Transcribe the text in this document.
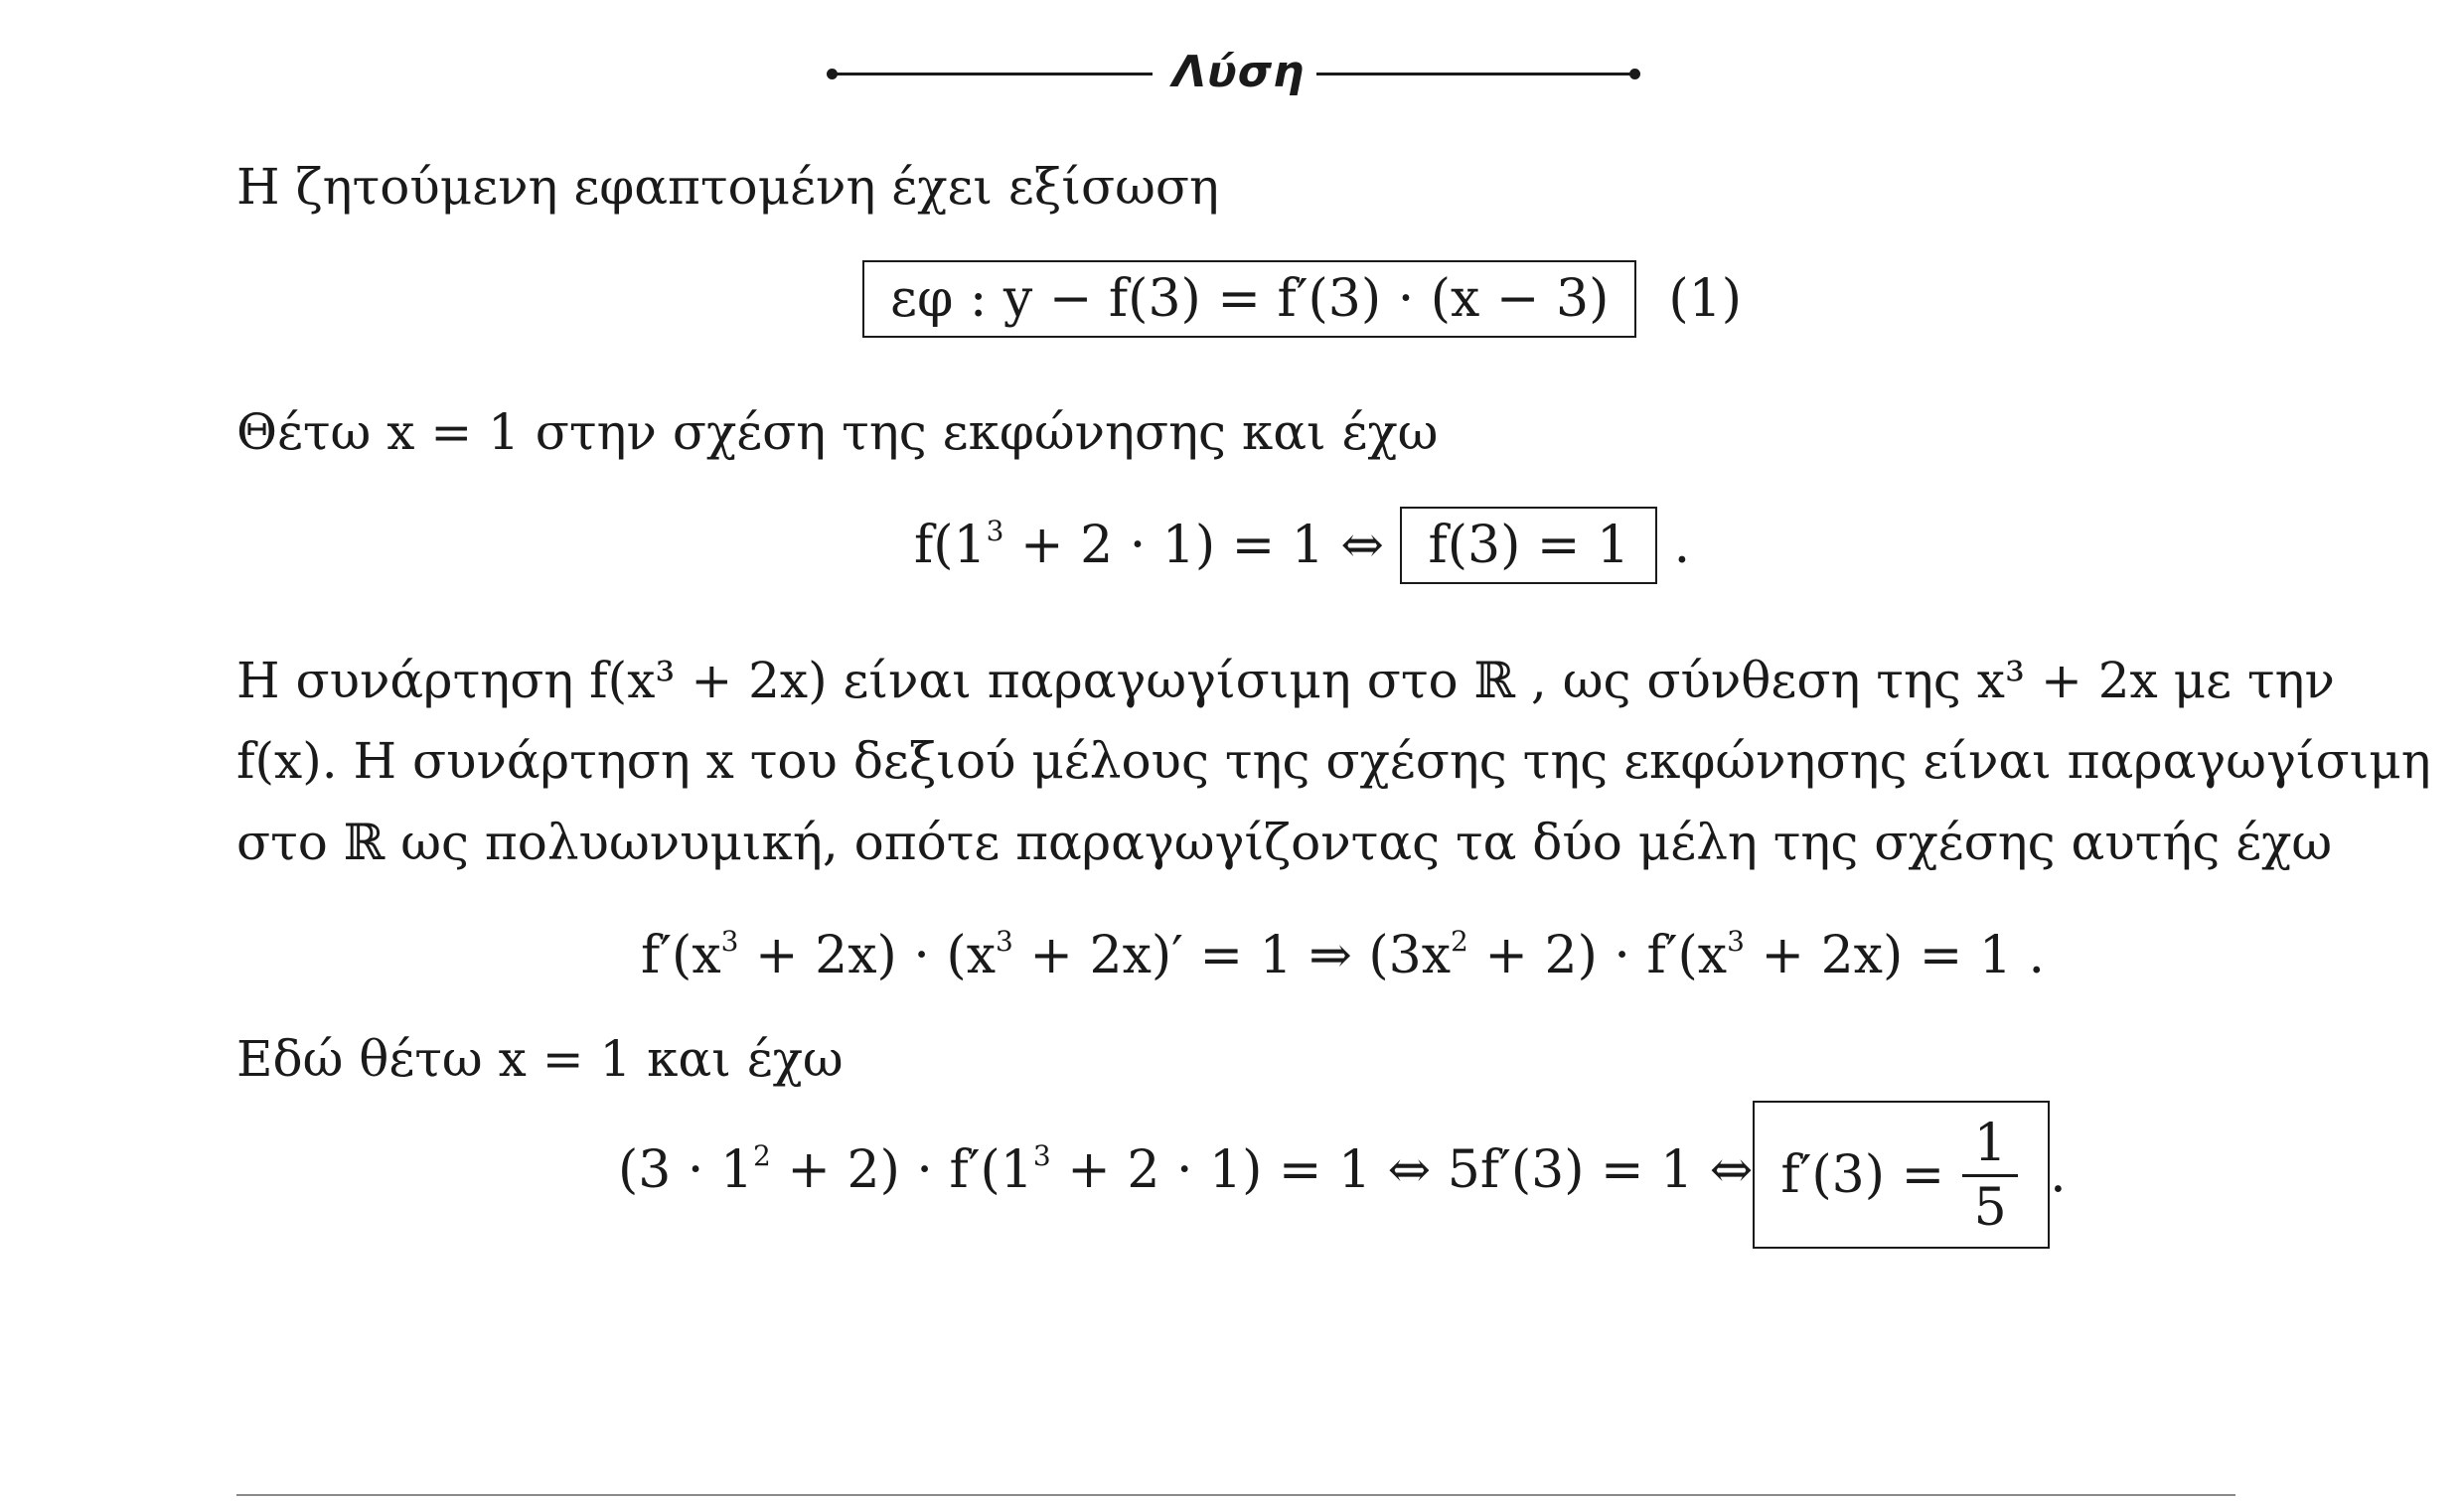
Λύση
Η ζητούμενη εφαπτομένη έχει εξίσωση
εφ : y − f(3) = f′(3) · (x − 3) (1)
Θέτω x = 1 στην σχέση της εκφώνησης και έχω
$f(1^3 + 2 \cdot 1) = 1$ ⇔ f(3) = 1 .
Η συνάρτηση f(x³ + 2x) είναι παραγωγίσιμη στο ℝ , ως σύνθεση της x³ + 2x με την
f(x). Η συνάρτηση x του δεξιού μέλους της σχέσης της εκφώνησης είναι παραγωγίσιμη
στο ℝ ως πολυωνυμική, οπότε παραγωγίζοντας τα δύο μέλη της σχέσης αυτής έχω
$f'(x^3 + 2x) \cdot (x^3 + 2x)' = 1$ ⇒ $(3x^2 + 2) \cdot f'(x^3 + 2x) = 1$ .
Εδώ θέτω x = 1 και έχω
$(3 \cdot 1^2 + 2) \cdot f'(1^3 + 2 \cdot 1) = 1$ ⇔ 5f′(3) = 1 ⇔ $f'(3) = \frac{1}{5}$ .
